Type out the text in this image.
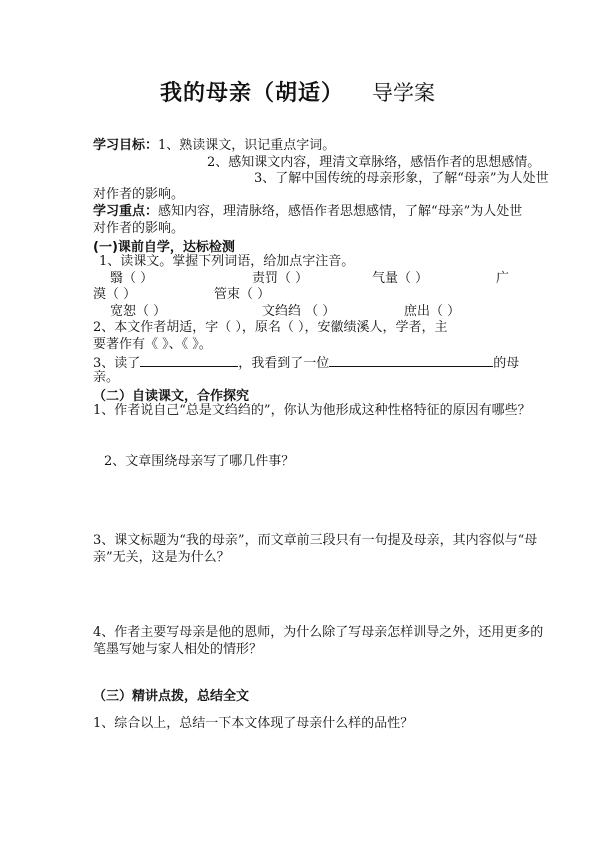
我的母亲（胡适） 导学案
学习目标：1、熟读课文，识记重点字词。
2、感知课文内容，理清文章脉络，感悟作者的思想感情。
3、了解中国传统的母亲形象，了解“母亲”为人处世
对作者的影响。
学习重点：感知内容，理清脉络，感悟作者思想感情，了解“母亲”为人处世
对作者的影响。
(一)课前自学，达标检测
1、读课文。掌握下列词语，给加点字注音。
翳（ ）	责罚（ ）	气量（ ）	广
漠（ ）	管束（ ）
宽恕（ ）	文绉绉 （ ）	庶出（ ）
2、本文作者胡适，字（ ），原名（ ），安徽绩溪人，学者，主
要著作有《 》、《 》。
3、读了	，我看到了一位	的母
亲。
（二）自读课文，合作探究
1、作者说自己“总是文绉绉的”，你认为他形成这种性格特征的原因有哪些？
2、文章围绕母亲写了哪几件事？
3、课文标题为“我的母亲”，而文章前三段只有一句提及母亲，其内容似与“母
亲”无关，这是为什么？
4、作者主要写母亲是他的恩师，为什么除了写母亲怎样训导之外，还用更多的
笔墨写她与家人相处的情形？
（三）精讲点拨，总结全文
1、综合以上，总结一下本文体现了母亲什么样的品性？
